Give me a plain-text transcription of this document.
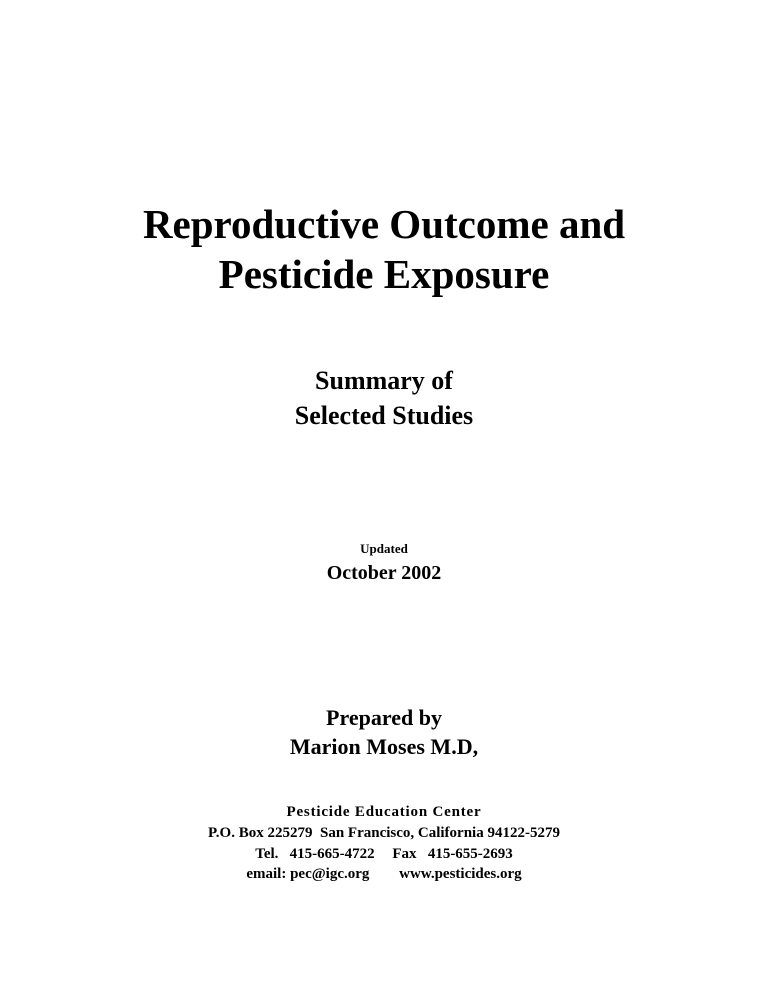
Reproductive Outcome and
Pesticide Exposure
Summary of
Selected Studies
Updated
October 2002
Prepared by
Marion Moses M.D,
Pesticide Education Center
P.O. Box 225279  San Francisco, California 94122-5279
Tel. 415-665-4722 Fax 415-655-2693
email: pec@igc.org www.pesticides.org
